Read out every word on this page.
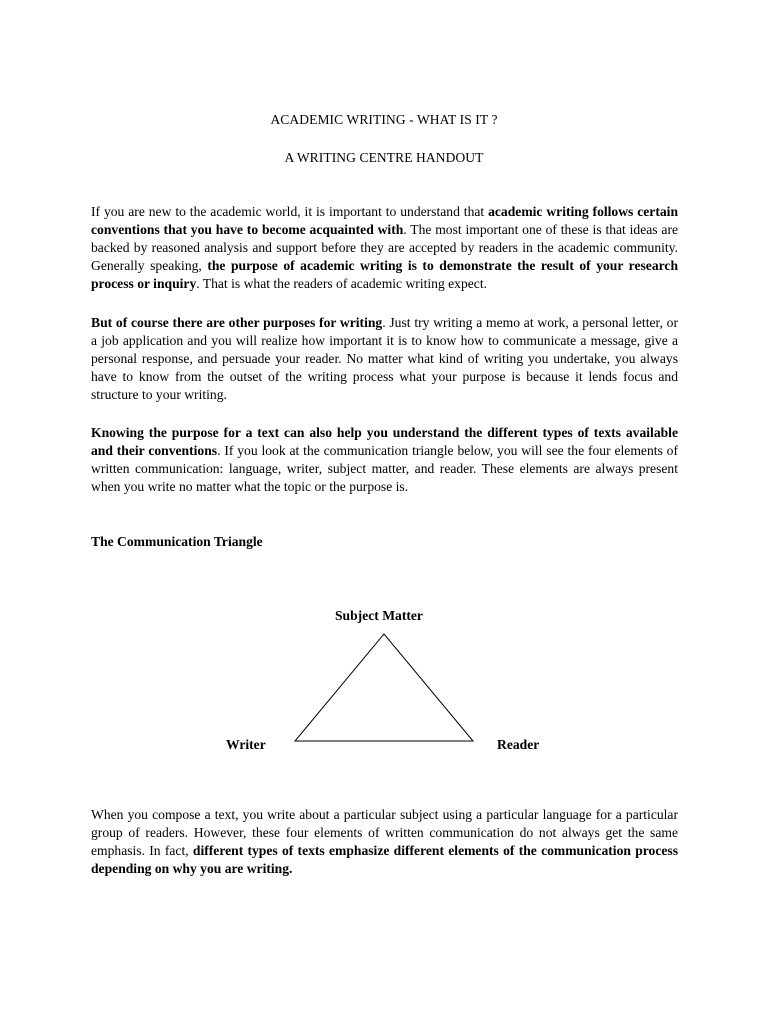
ACADEMIC WRITING - WHAT IS IT ?
A WRITING CENTRE HANDOUT
If you are new to the academic world, it is important to understand that academic writing follows certain conventions that you have to become acquainted with. The most important one of these is that ideas are backed by reasoned analysis and support before they are accepted by readers in the academic community. Generally speaking, the purpose of academic writing is to demonstrate the result of your research process or inquiry. That is what the readers of academic writing expect.
But of course there are other purposes for writing. Just try writing a memo at work, a personal letter, or a job application and you will realize how important it is to know how to communicate a message, give a personal response, and persuade your reader. No matter what kind of writing you undertake, you always have to know from the outset of the writing process what your purpose is because it lends focus and structure to your writing.
Knowing the purpose for a text can also help you understand the different types of texts available and their conventions. If you look at the communication triangle below, you will see the four elements of written communication: language, writer, subject matter, and reader. These elements are always present when you write no matter what the topic or the purpose is.
The Communication Triangle
Subject Matter
Writer	Reader
When you compose a text, you write about a particular subject using a particular language for a particular group of readers. However, these four elements of written communication do not always get the same emphasis. In fact, different types of texts emphasize different elements of the communication process depending on why you are writing.
